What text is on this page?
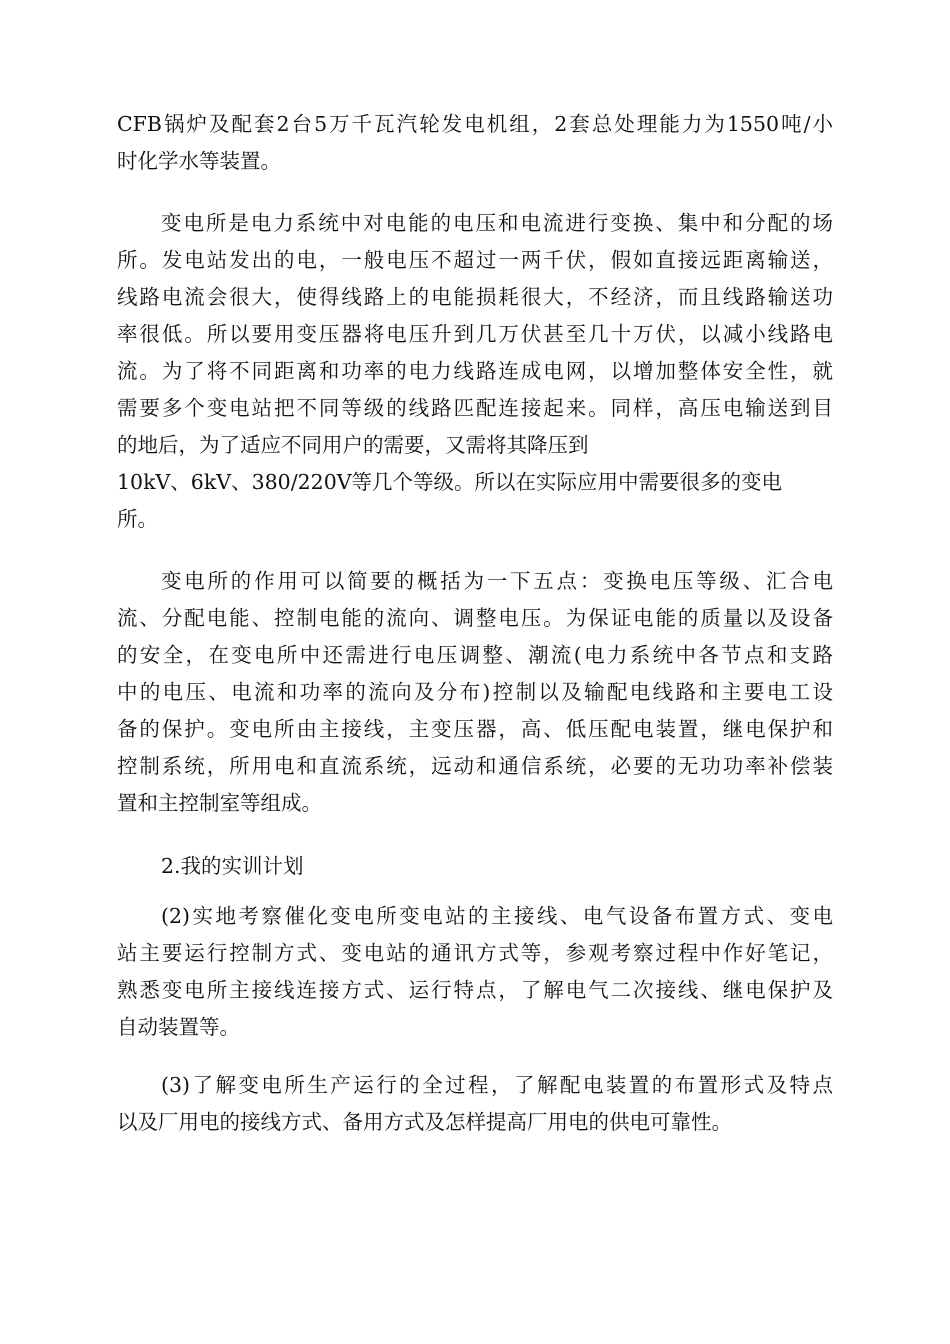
CFB锅炉及配套2台5万千瓦汽轮发电机组，2套总处理能力为1550吨/小
时化学水等装置。

变电所是电力系统中对电能的电压和电流进行变换、集中和分配的场
所。发电站发出的电，一般电压不超过一两千伏，假如直接远距离输送，
线路电流会很大，使得线路上的电能损耗很大，不经济，而且线路输送功
率很低。所以要用变压器将电压升到几万伏甚至几十万伏，以减小线路电
流。为了将不同距离和功率的电力线路连成电网，以增加整体安全性，就
需要多个变电站把不同等级的线路匹配连接起来。同样，高压电输送到目
的地后，为了适应不同用户的需要，又需将其降压到
10kV、6kV、380/220V等几个等级。所以在实际应用中需要很多的变电
所。

变电所的作用可以简要的概括为一下五点：变换电压等级、汇合电
流、分配电能、控制电能的流向、调整电压。为保证电能的质量以及设备
的安全，在变电所中还需进行电压调整、潮流(电力系统中各节点和支路
中的电压、电流和功率的流向及分布)控制以及输配电线路和主要电工设
备的保护。变电所由主接线，主变压器，高、低压配电装置，继电保护和
控制系统，所用电和直流系统，远动和通信系统，必要的无功功率补偿装
置和主控制室等组成。

2.我的实训计划

(2)实地考察催化变电所变电站的主接线、电气设备布置方式、变电
站主要运行控制方式、变电站的通讯方式等，参观考察过程中作好笔记，
熟悉变电所主接线连接方式、运行特点，了解电气二次接线、继电保护及
自动装置等。

(3)了解变电所生产运行的全过程，了解配电装置的布置形式及特点
以及厂用电的接线方式、备用方式及怎样提高厂用电的供电可靠性。
